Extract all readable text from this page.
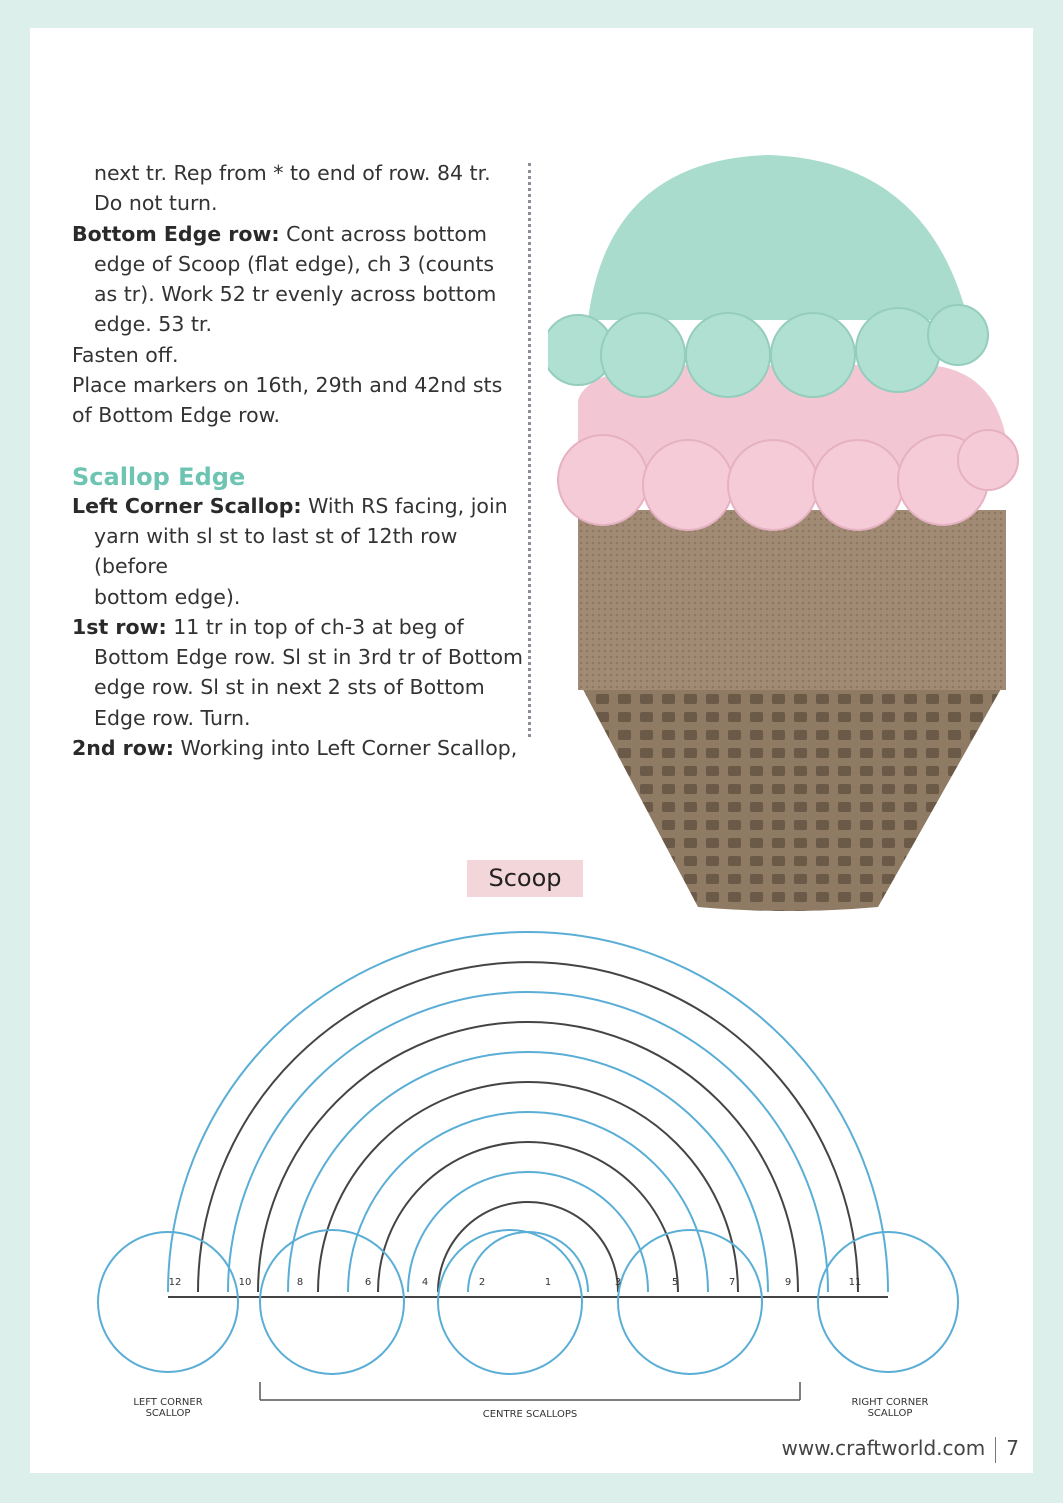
next tr. Rep from * to end of row. 84 tr.

Do not turn.

Bottom Edge row: Cont across bottom

edge of Scoop (flat edge), ch 3 (counts

as tr). Work 52 tr evenly across bottom

edge. 53 tr.

Fasten off.

Place markers on 16th, 29th and 42nd sts

of Bottom Edge row.

Scallop Edge

Left Corner Scallop: With RS facing, join

yarn with sl st to last st of 12th row (before

bottom edge).

1st row: 11 tr in top of ch-3 at beg of

Bottom Edge row. Sl st in 3rd tr of Bottom

edge row. Sl st in next 2 sts of Bottom

Edge row. Turn.

2nd row: Working into Left Corner Scallop,

Scoop
LEFT CORNER
SCALLOP	CENTRE SCALLOPS
RIGHT CORNER
SCALLOP
12	10	8	6	4	2	1	3	5	7	9	11
www.craftworld.com 7
